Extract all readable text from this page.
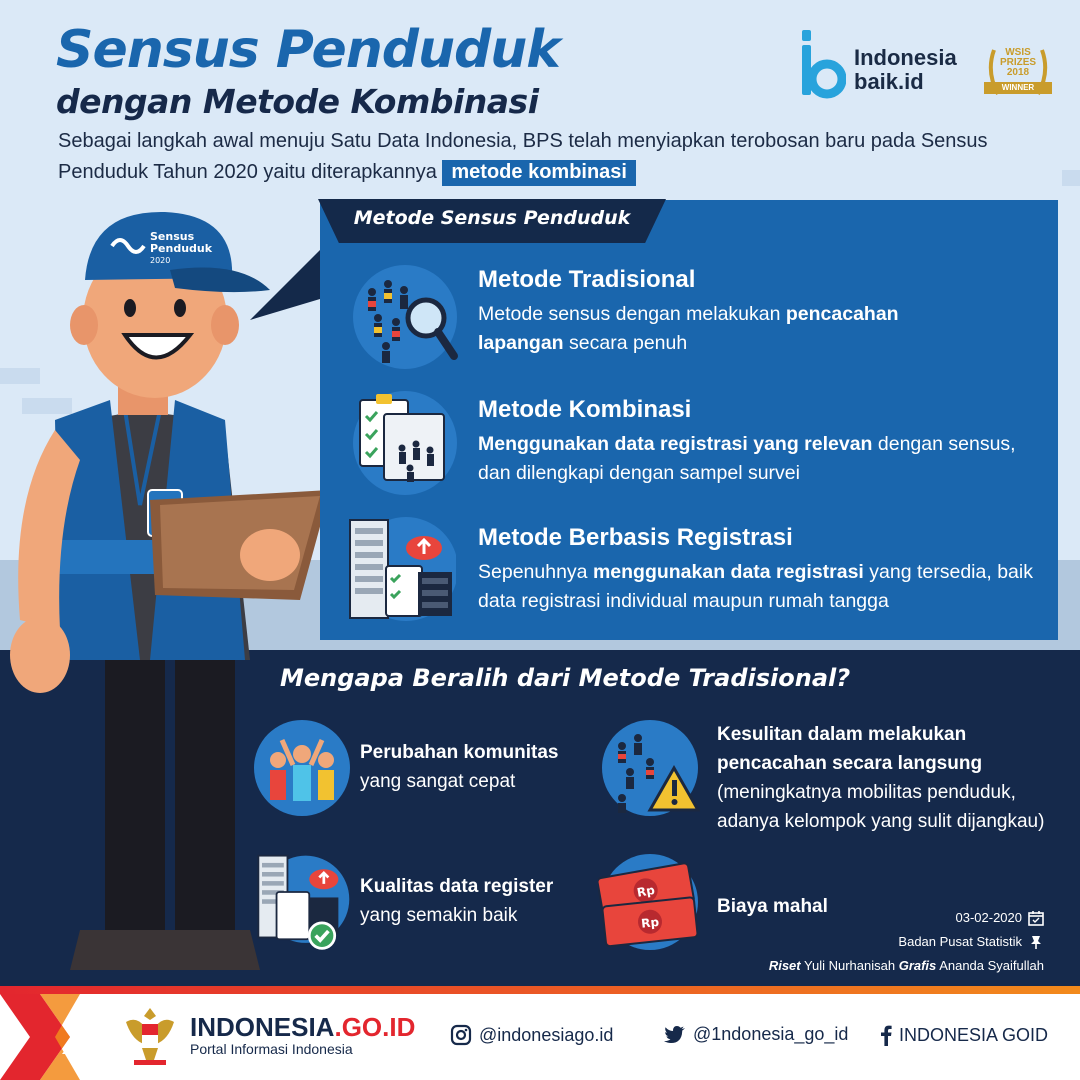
Sensus Penduduk
dengan Metode Kombinasi
Indonesia
baik.id
WSIS
PRIZES
2018
WINNER
Sebagai langkah awal menuju Satu Data Indonesia, BPS telah menyiapkan terobosan baru pada Sensus Penduduk Tahun 2020 yaitu diterapkannya metode kombinasi
Sensus
Penduduk
2020
Metode Sensus Penduduk
Metode Tradisional
Metode sensus dengan melakukan pencacahan lapangan secara penuh
Metode Kombinasi
Menggunakan data registrasi yang relevan dengan sensus, dan dilengkapi dengan sampel survei
Metode Berbasis Registrasi
Sepenuhnya menggunakan data registrasi yang tersedia, baik data registrasi individual maupun rumah tangga
Mengapa Beralih dari Metode Tradisional?
Perubahan komunitas
yang sangat cepat
Kesulitan dalam melakukan pencacahan secara langsung
(meningkatnya mobilitas penduduk, adanya kelompok yang sulit dijangkau)
Kualitas data register
yang semakin baik
Rp
Rp
Biaya mahal
03-02-2020
Badan Pusat Statistik
Riset Yuli Nurhanisah Grafis Ananda Syaifullah
INDONESIA.GO.ID
Portal Informasi Indonesia
@indonesiago.id	@1ndonesia_go_id	INDONESIA GOID
